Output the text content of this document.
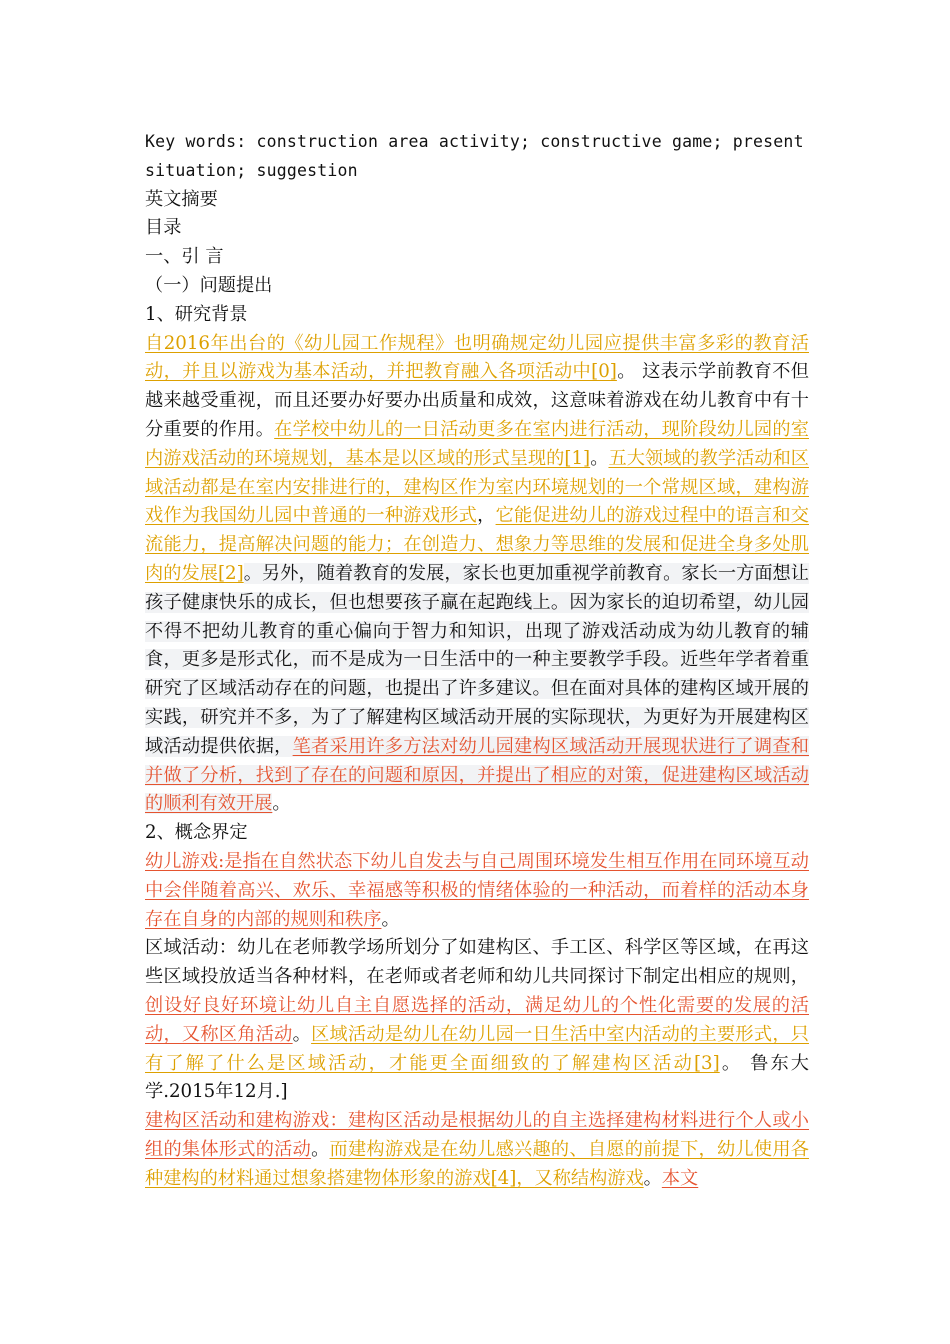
Key words: construction area activity; constructive game; present
situation; suggestion
英文摘要
目录
一、引 言
（一）问题提出
1、研究背景
自2016年出台的《幼儿园工作规程》也明确规定幼儿园应提供丰富多彩的教育活动，并且以游戏为基本活动，并把教育融入各项活动中[0]。 这表示学前教育不但越来越受重视，而且还要办好要办出质量和成效，这意味着游戏在幼儿教育中有十分重要的作用。在学校中幼儿的一日活动更多在室内进行活动，现阶段幼儿园的室内游戏活动的环境规划，基本是以区域的形式呈现的[1]。五大领域的教学活动和区域活动都是在室内安排进行的，建构区作为室内环境规划的一个常规区域，建构游戏作为我国幼儿园中普通的一种游戏形式，它能促进幼儿的游戏过程中的语言和交流能力，提高解决问题的能力；在创造力、想象力等思维的发展和促进全身多处肌肉的发展[2]。另外，随着教育的发展，家长也更加重视学前教育。家长一方面想让孩子健康快乐的成长，但也想要孩子赢在起跑线上。因为家长的迫切希望，幼儿园不得不把幼儿教育的重心偏向于智力和知识，出现了游戏活动成为幼儿教育的辅食，更多是形式化，而不是成为一日生活中的一种主要教学手段。近些年学者着重研究了区域活动存在的问题，也提出了许多建议。但在面对具体的建构区域开展的实践，研究并不多，为了了解建构区域活动开展的实际现状，为更好为开展建构区域活动提供依据，笔者采用许多方法对幼儿园建构区域活动开展现状进行了调查和并做了分析，找到了存在的问题和原因，并提出了相应的对策，促进建构区域活动的顺利有效开展。
2、概念界定
幼儿游戏:是指在自然状态下幼儿自发去与自己周围环境发生相互作用在同环境互动中会伴随着高兴、欢乐、幸福感等积极的情绪体验的一种活动，而着样的活动本身存在自身的内部的规则和秩序。
区域活动：幼儿在老师教学场所划分了如建构区、手工区、科学区等区域，在再这些区域投放适当各种材料，在老师或者老师和幼儿共同探讨下制定出相应的规则，创设好良好环境让幼儿自主自愿选择的活动，满足幼儿的个性化需要的发展的活动，又称区角活动。区域活动是幼儿在幼儿园一日生活中室内活动的主要形式，只有了解了什么是区域活动，才能更全面细致的了解建构区活动[3]。 鲁东大学.2015年12月.]
建构区活动和建构游戏：建构区活动是根据幼儿的自主选择建构材料进行个人或小组的集体形式的活动。而建构游戏是在幼儿感兴趣的、自愿的前提下，幼儿使用各种建构的材料通过想象搭建物体形象的游戏[4]，又称结构游戏。本文
